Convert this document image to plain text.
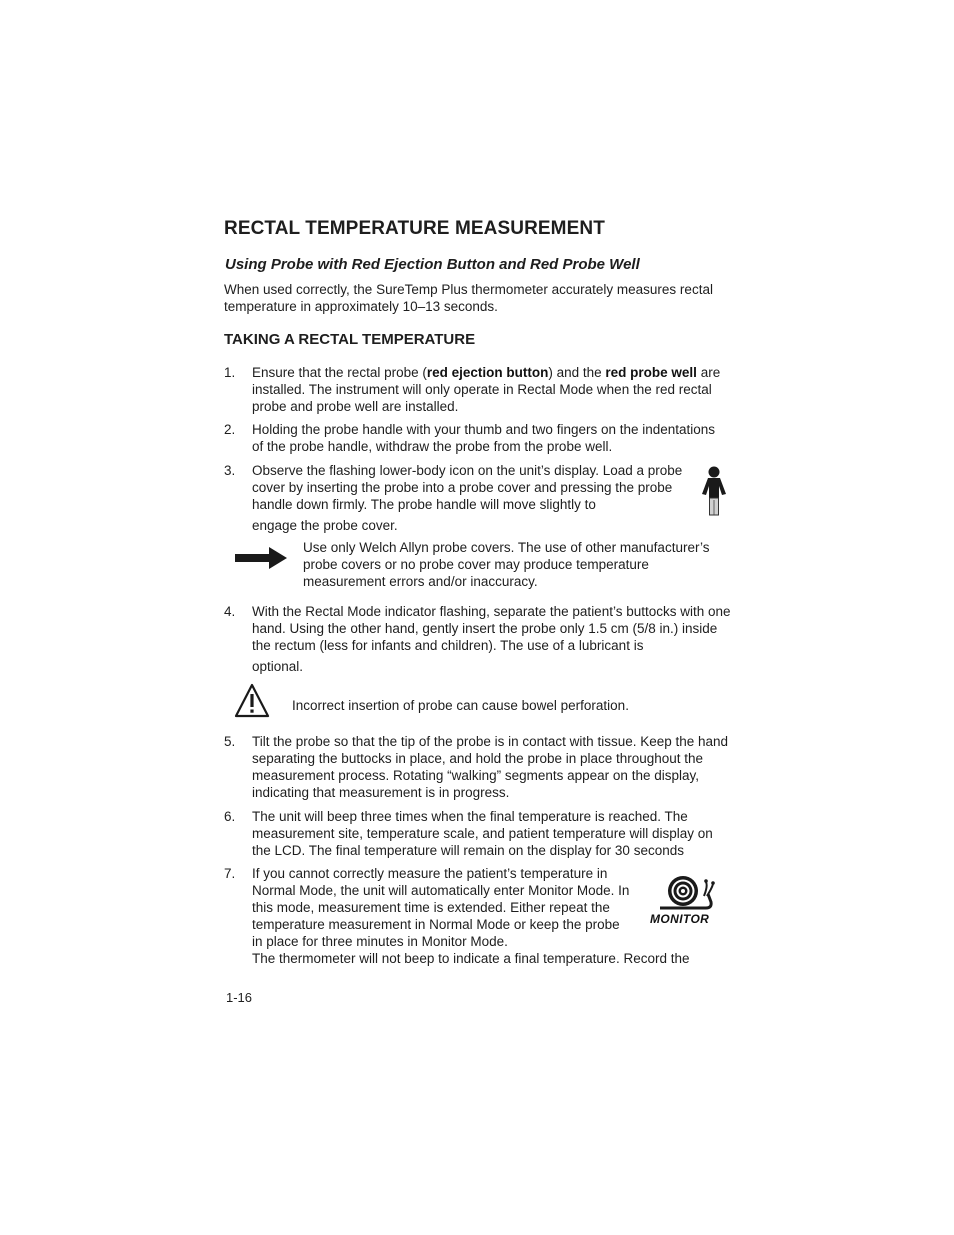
RECTAL TEMPERATURE MEASUREMENT
Using Probe with Red Ejection Button and Red Probe Well
When used correctly, the SureTemp Plus thermometer accurately measures rectal temperature in approximately 10–13 seconds.
TAKING A RECTAL TEMPERATURE
1. Ensure that the rectal probe (red ejection button) and the red probe well are installed. The instrument will only operate in Rectal Mode when the red rectal probe and probe well are installed.
2. Holding the probe handle with your thumb and two fingers on the indentations of the probe handle, withdraw the probe from the probe well.
3. Observe the flashing lower-body icon on the unit’s display. Load a probe cover by inserting the probe into a probe cover and pressing the probe handle down firmly. The probe handle will move slightly to
engage the probe cover.
Use only Welch Allyn probe covers. The use of other manufacturer’s probe covers or no probe cover may produce temperature measurement errors and/or inaccuracy.
4. With the Rectal Mode indicator flashing, separate the patient’s buttocks with one hand. Using the other hand, gently insert the probe only 1.5 cm (5/8 in.) inside the rectum (less for infants and children). The use of a lubricant is
optional.
Incorrect insertion of probe can cause bowel perforation.
5. Tilt the probe so that the tip of the probe is in contact with tissue. Keep the hand separating the buttocks in place, and hold the probe in place throughout the measurement process. Rotating “walking” segments appear on the display, indicating that measurement is in progress.
6. The unit will beep three times when the final temperature is reached. The measurement site, temperature scale, and patient temperature will display on the LCD. The final temperature will remain on the display for 30 seconds
7. If you cannot correctly measure the patient’s temperature in Normal Mode, the unit will automatically enter Monitor Mode. In this mode, measurement time is extended. Either repeat the temperature measurement in Normal Mode or keep the probe in place for three minutes in Monitor Mode.
The thermometer will not beep to indicate a final temperature. Record the
MONITOR
1-16
